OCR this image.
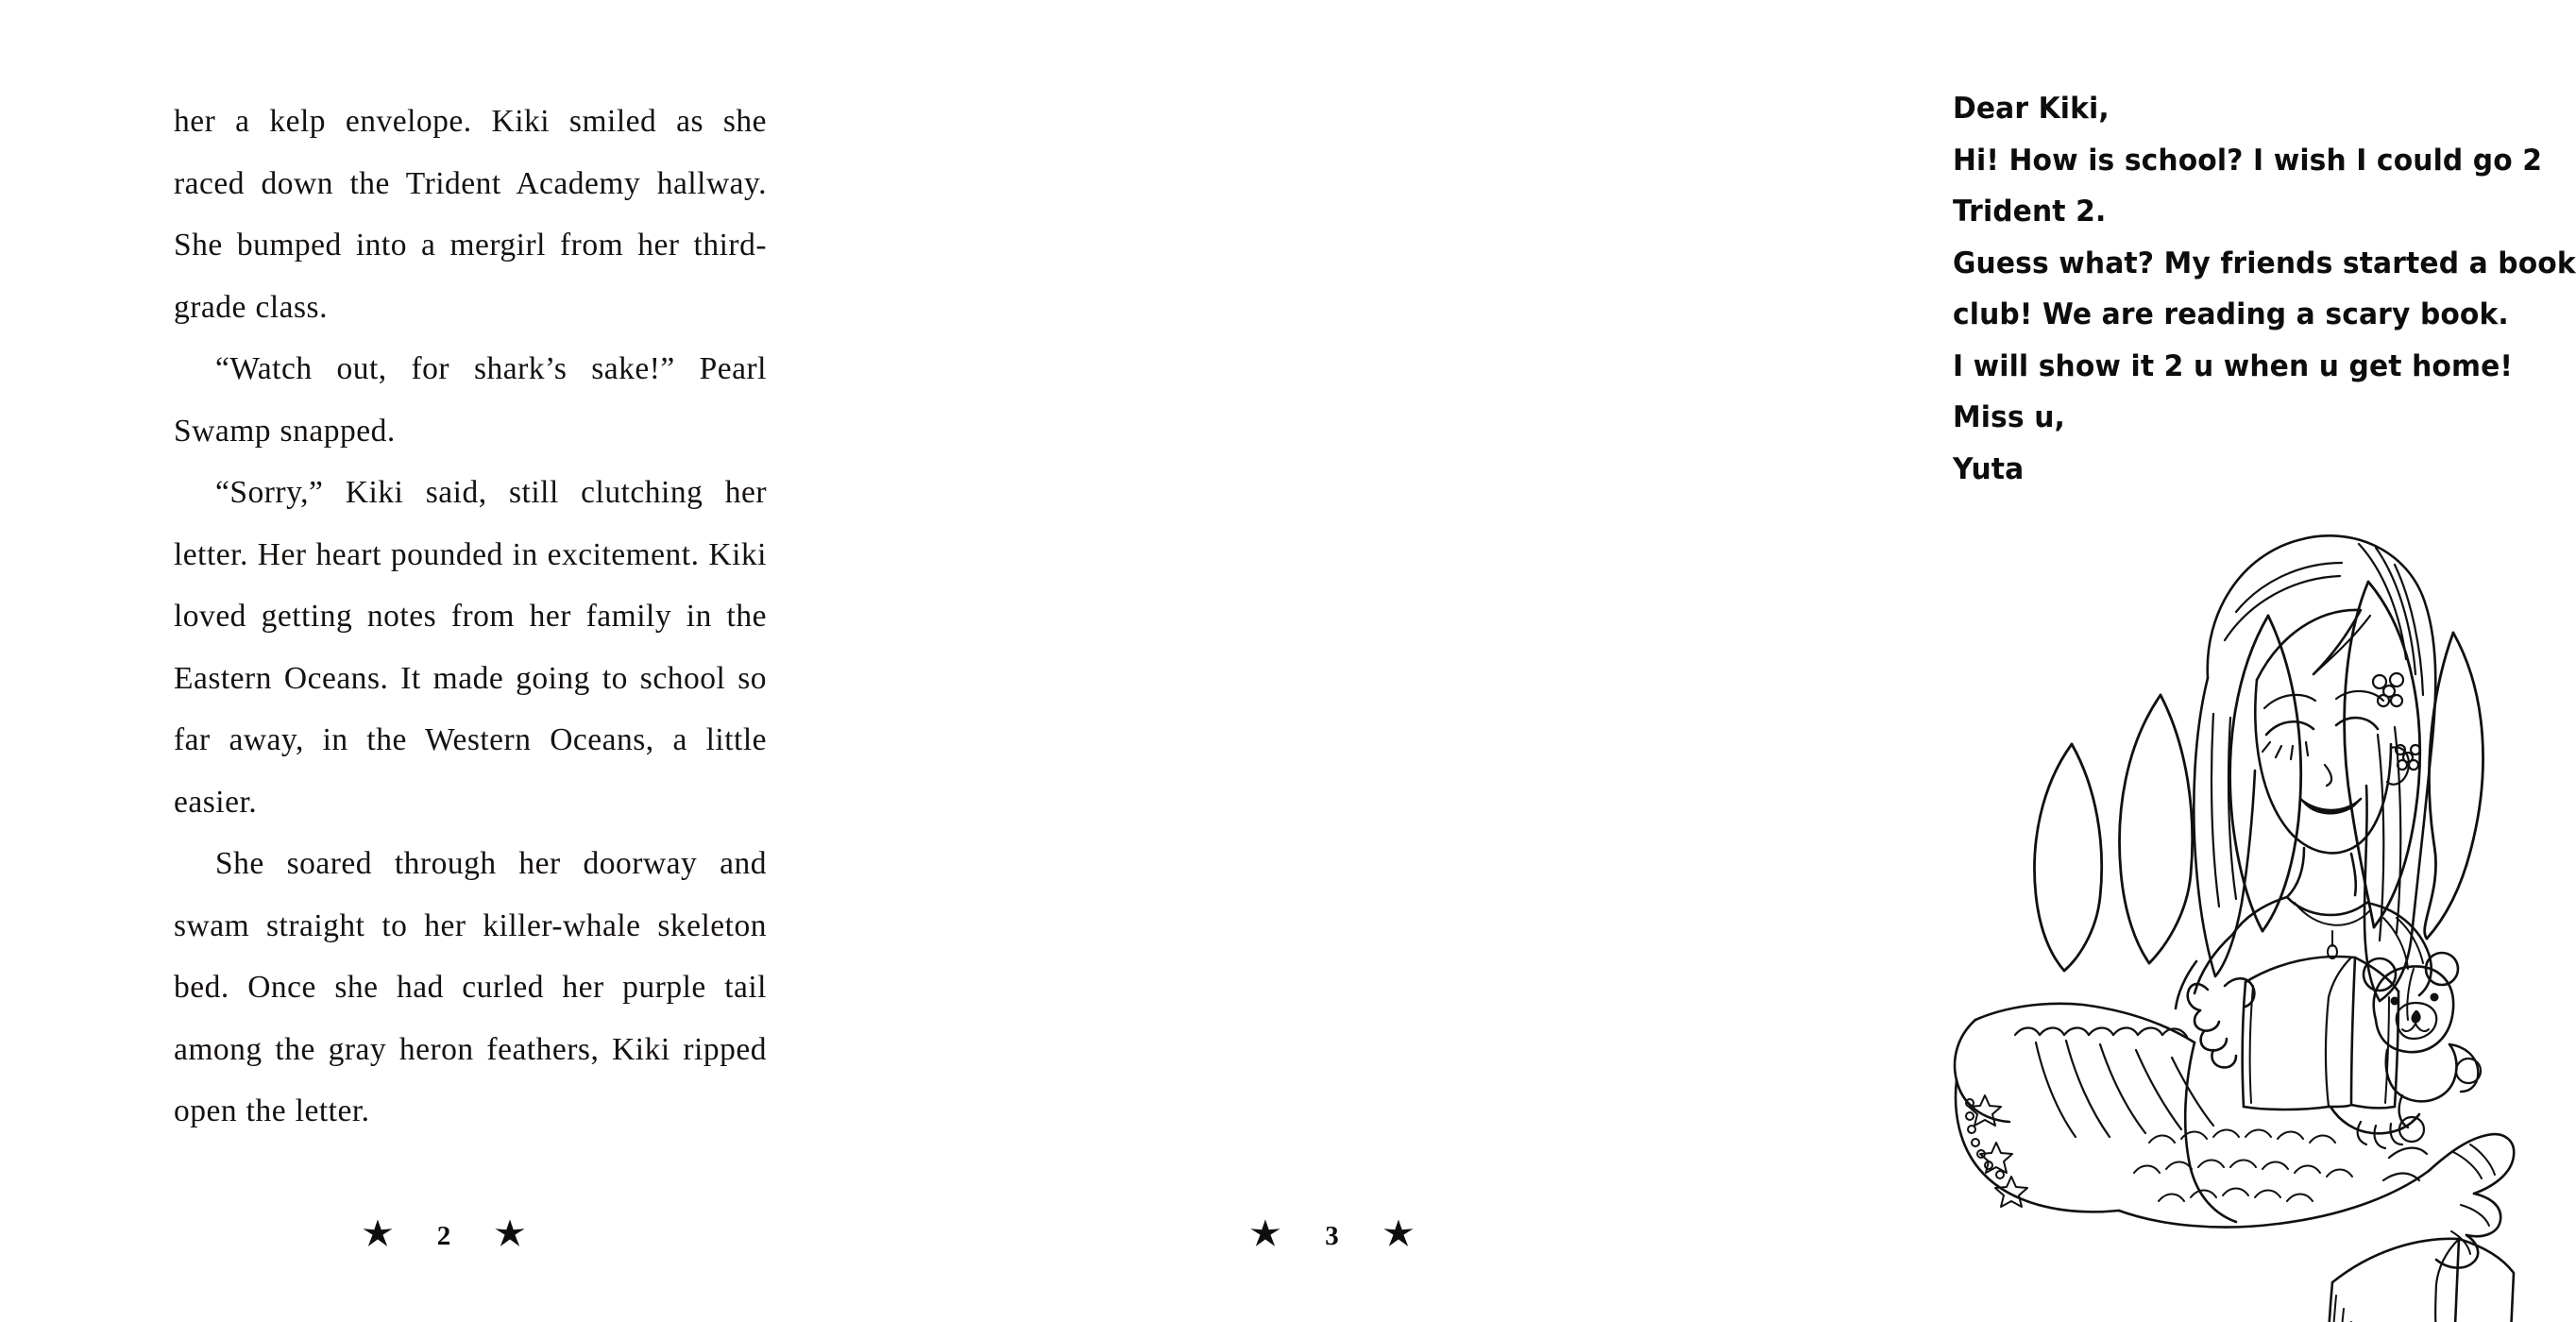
her a kelp envelope. Kiki smiled as she raced down the Trident Academy hallway. She bumped into a mergirl from her third-grade class.

“Watch out, for shark’s sake!” Pearl Swamp snapped.

“Sorry,” Kiki said, still clutching her letter. Her heart pounded in excitement. Kiki loved getting notes from her family in the Eastern Oceans. It made going to school so far away, in the Western Oceans, a little easier.

She soared through her doorway and swam straight to her killer-whale skeleton bed. Once she had curled her purple tail among the gray heron feathers, Kiki ripped open the letter.

2
Dear Kiki,
Hi! How is school? I wish I could go 2
Trident 2.
Guess what? My friends started a book
club! We are reading a scary book.
I will show it 2 u when u get home!
Miss u,
Yuta
3
